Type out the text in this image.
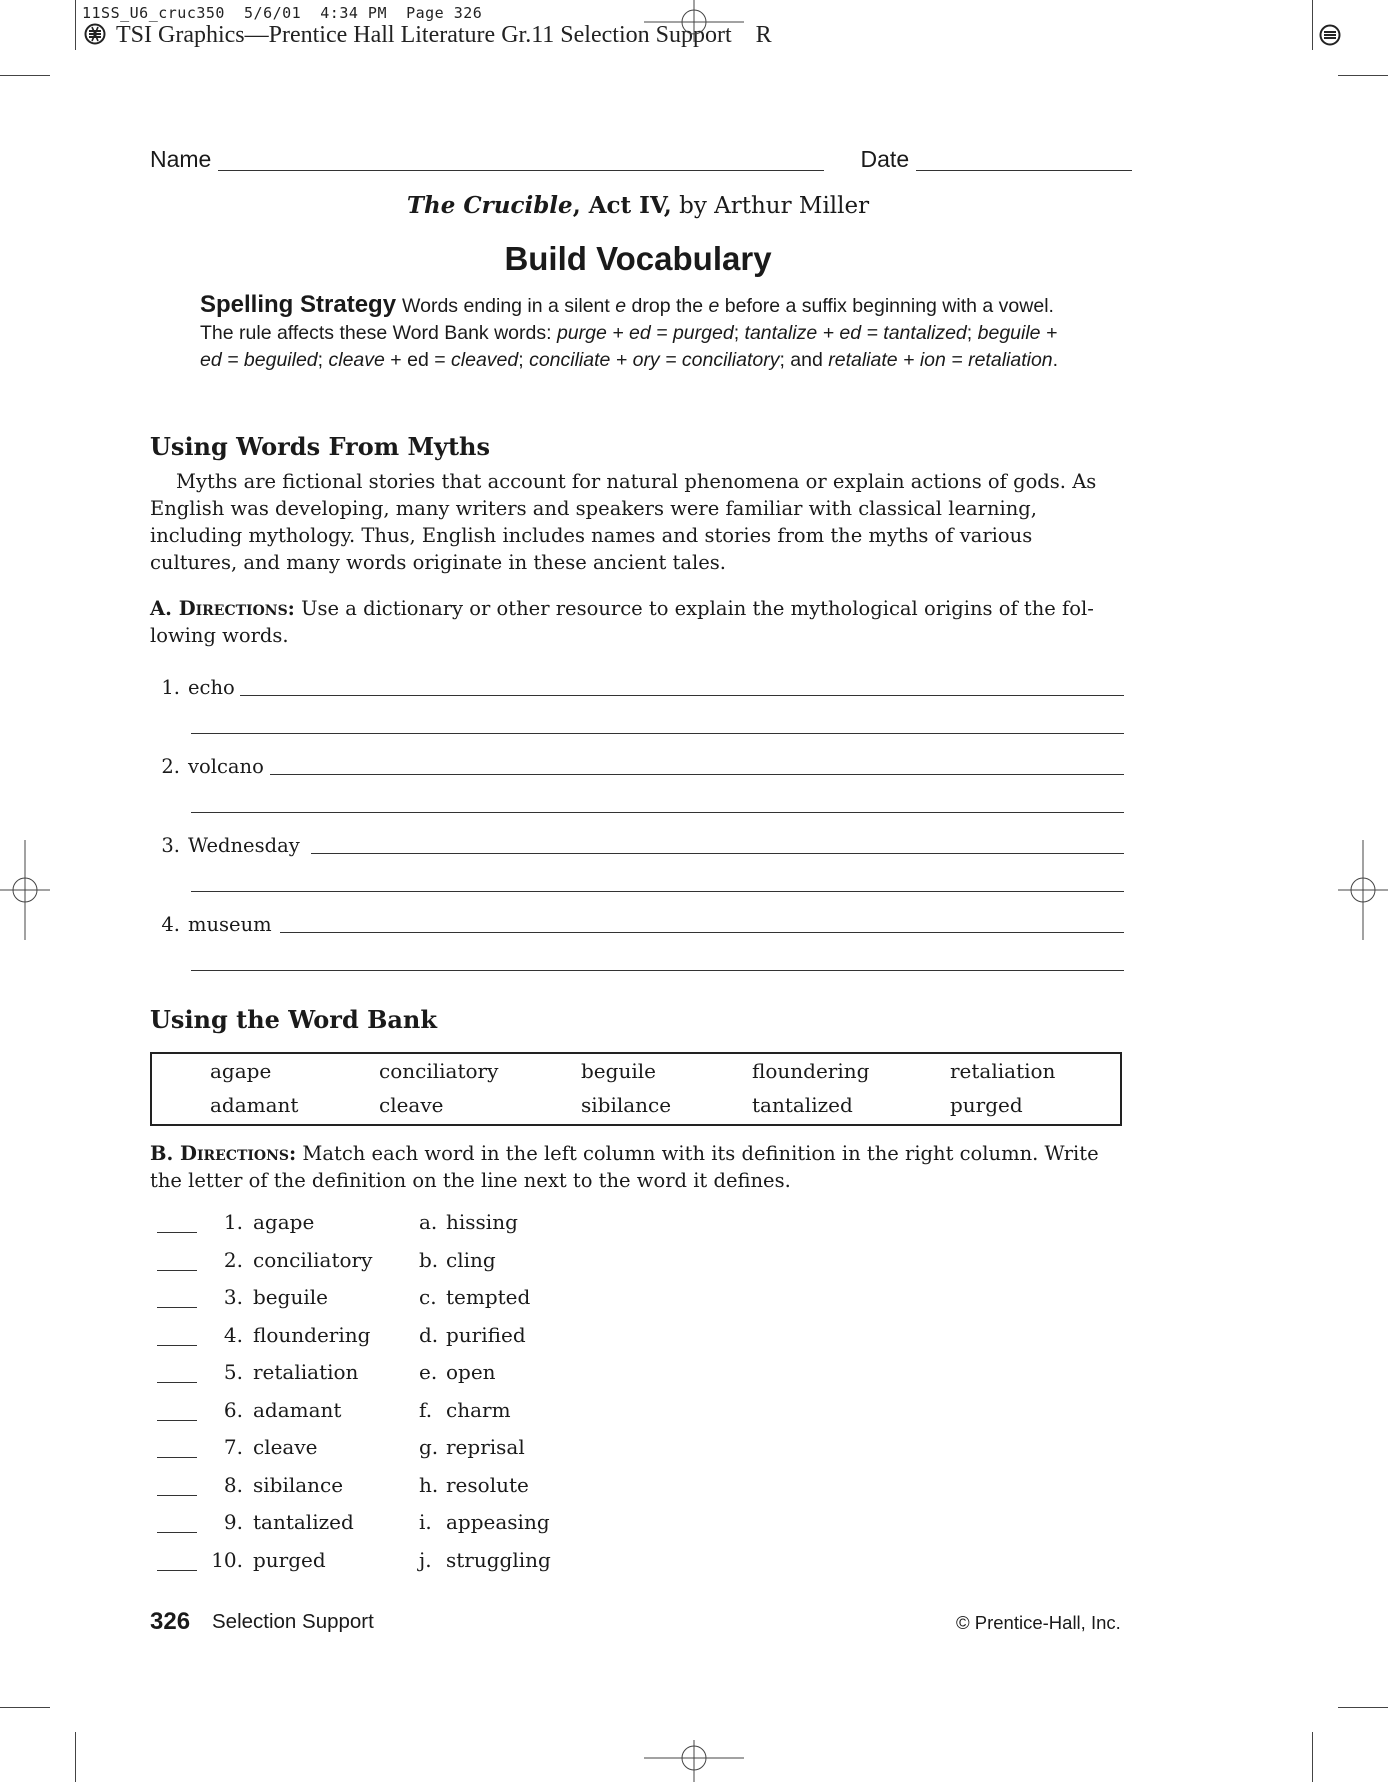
11SS_U6_cruc350 5/6/01 4:34 PM Page 326
TSI Graphics—Prentice Hall Literature Gr.11 Selection Support R
Name	Date
The Crucible, Act IV, by Arthur Miller
Build Vocabulary
Spelling Strategy Words ending in a silent e drop the e before a suffix beginning with a vowel. The rule affects these Word Bank words: purge + ed = purged; tantalize + ed = tantalized; beguile + ed = beguiled; cleave + ed = cleaved; conciliate + ory = conciliatory; and retaliate + ion = retaliation.
Using Words From Myths
Myths are fictional stories that account for natural phenomena or explain actions of gods. As English was developing, many writers and speakers were familiar with classical learning, including mythology. Thus, English includes names and stories from the myths of various cultures, and many words originate in these ancient tales.
A. Directions: Use a dictionary or other resource to explain the mythological origins of the following words.
1. echo
2. volcano
3. Wednesday
4. museum
Using the Word Bank
agape	conciliatory	beguile	floundering	retaliation
adamant	cleave	sibilance	tantalized	purged
B. Directions: Match each word in the left column with its definition in the right column. Write the letter of the definition on the line next to the word it defines.
1. agape	a. hissing
2. conciliatory b. cling
3. beguile	c. tempted
4. floundering d. purified
5. retaliation	e. open
6. adamant	f. charm
7. cleave	g. reprisal
8. sibilance	h. resolute
9. tantalized	i. appeasing
10. purged	j. struggling
326 Selection Support	© Prentice-Hall, Inc.
